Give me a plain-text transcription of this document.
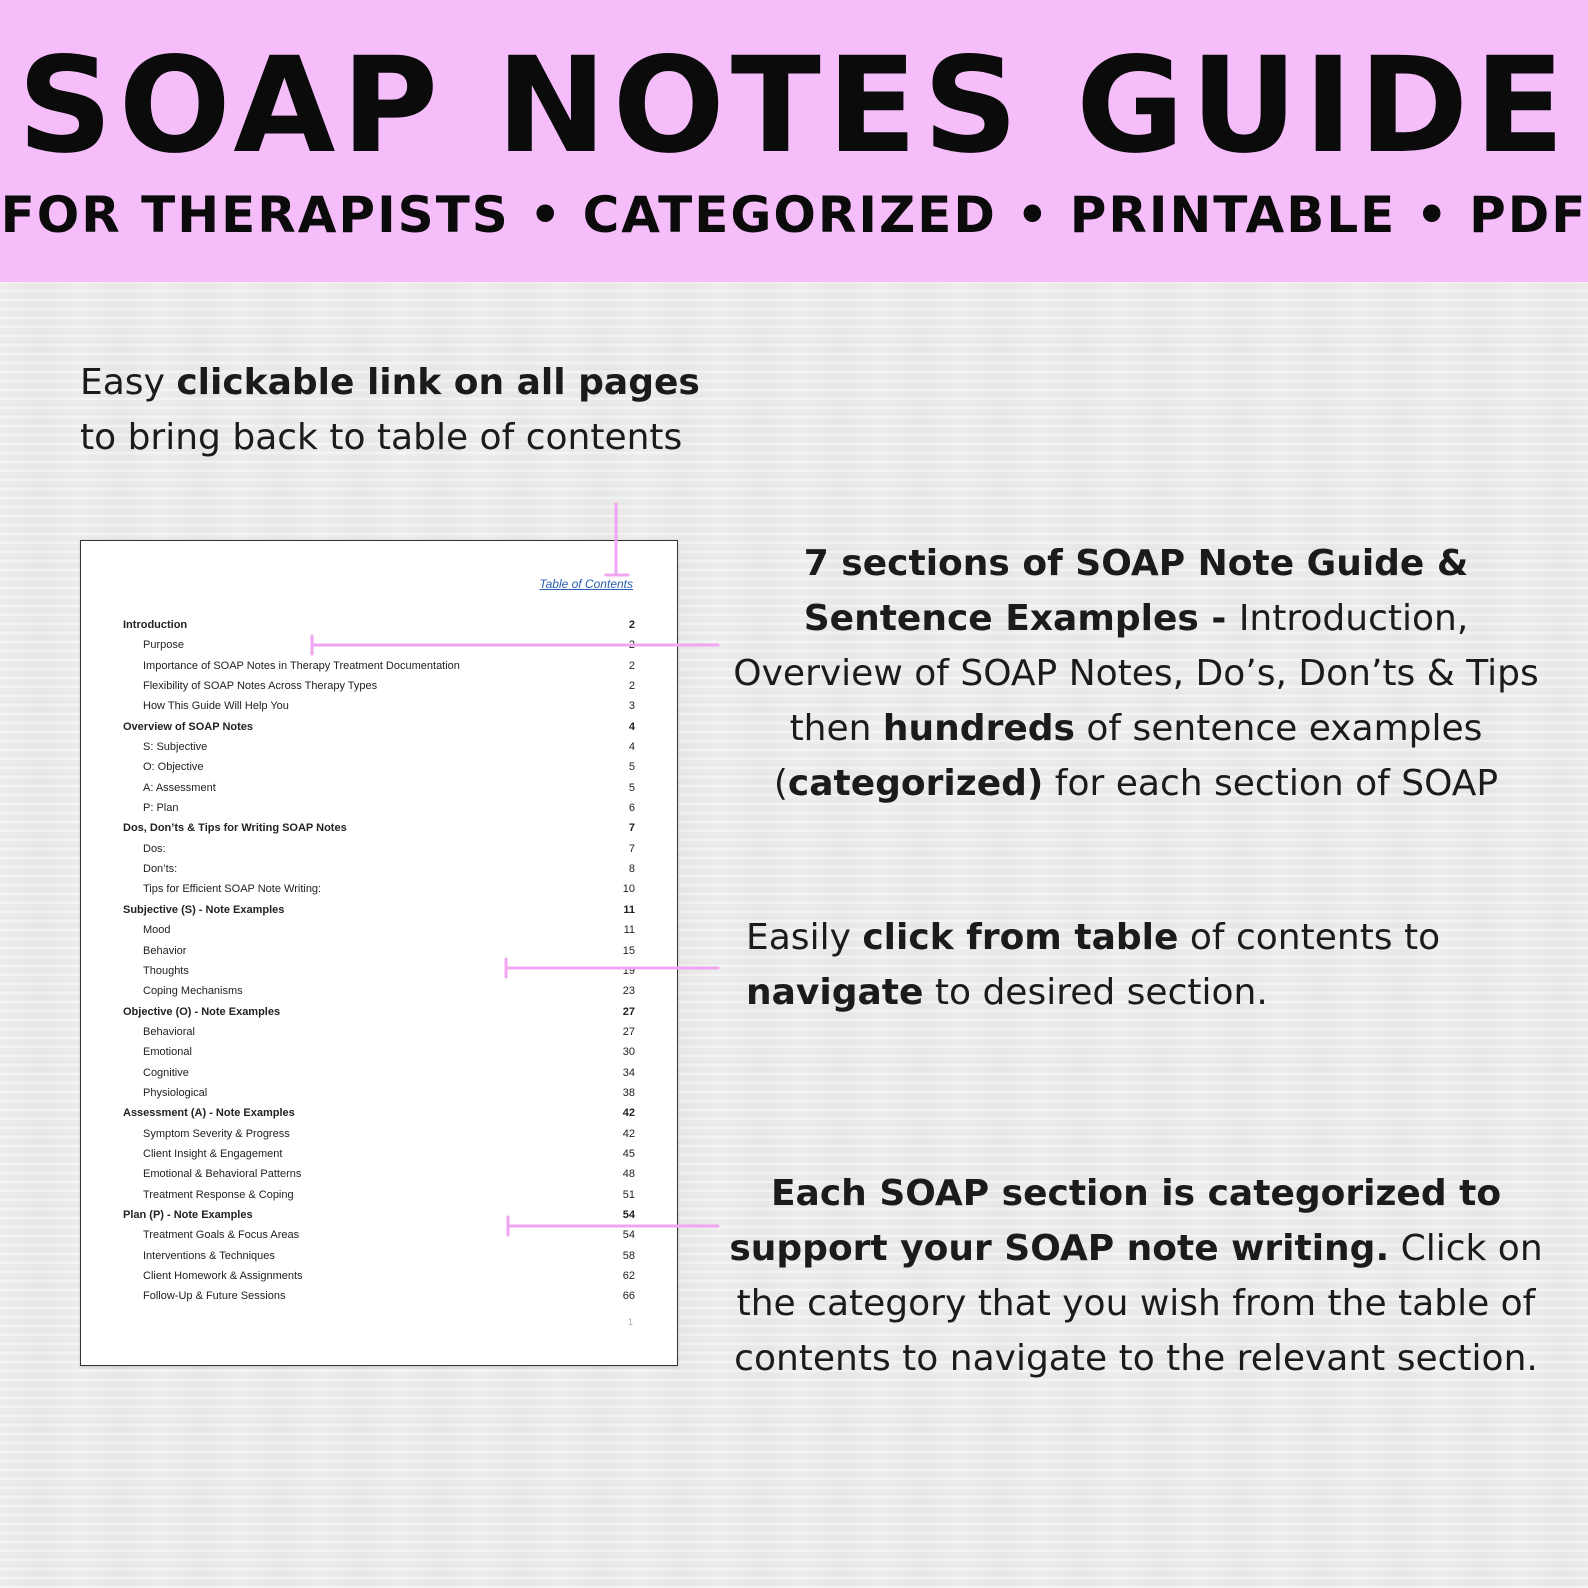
SOAP NOTES GUIDE
FOR THERAPISTS • CATEGORIZED • PRINTABLE • PDF
Easy clickable link on all pages to bring back to table of contents
7 sections of SOAP Note Guide & Sentence Examples - Introduction, Overview of SOAP Notes, Do’s, Don’ts & Tips then hundreds of sentence examples (categorized) for each section of SOAP
Easily click from table of contents to navigate to desired section.
Each SOAP section is categorized to support your SOAP note writing. Click on the category that you wish from the table of contents to navigate to the relevant section.
Table of Contents
Introduction	2
Purpose	2
Importance of SOAP Notes in Therapy Treatment Documentation	2
Flexibility of SOAP Notes Across Therapy Types	2
How This Guide Will Help You	3
Overview of SOAP Notes	4
S: Subjective	4
O: Objective	5
A: Assessment	5
P: Plan	6
Dos, Don’ts & Tips for Writing SOAP Notes	7
Dos:	7
Don’ts:	8
Tips for Efficient SOAP Note Writing:	10
Subjective (S) - Note Examples	11
Mood	11
Behavior	15
Thoughts	19
Coping Mechanisms	23
Objective (O) - Note Examples	27
Behavioral	27
Emotional	30
Cognitive	34
Physiological	38
Assessment (A) - Note Examples	42
Symptom Severity & Progress	42
Client Insight & Engagement	45
Emotional & Behavioral Patterns	48
Treatment Response & Coping	51
Plan (P) - Note Examples	54
Treatment Goals & Focus Areas	54
Interventions & Techniques	58
Client Homework & Assignments	62
Follow-Up & Future Sessions	66
1
